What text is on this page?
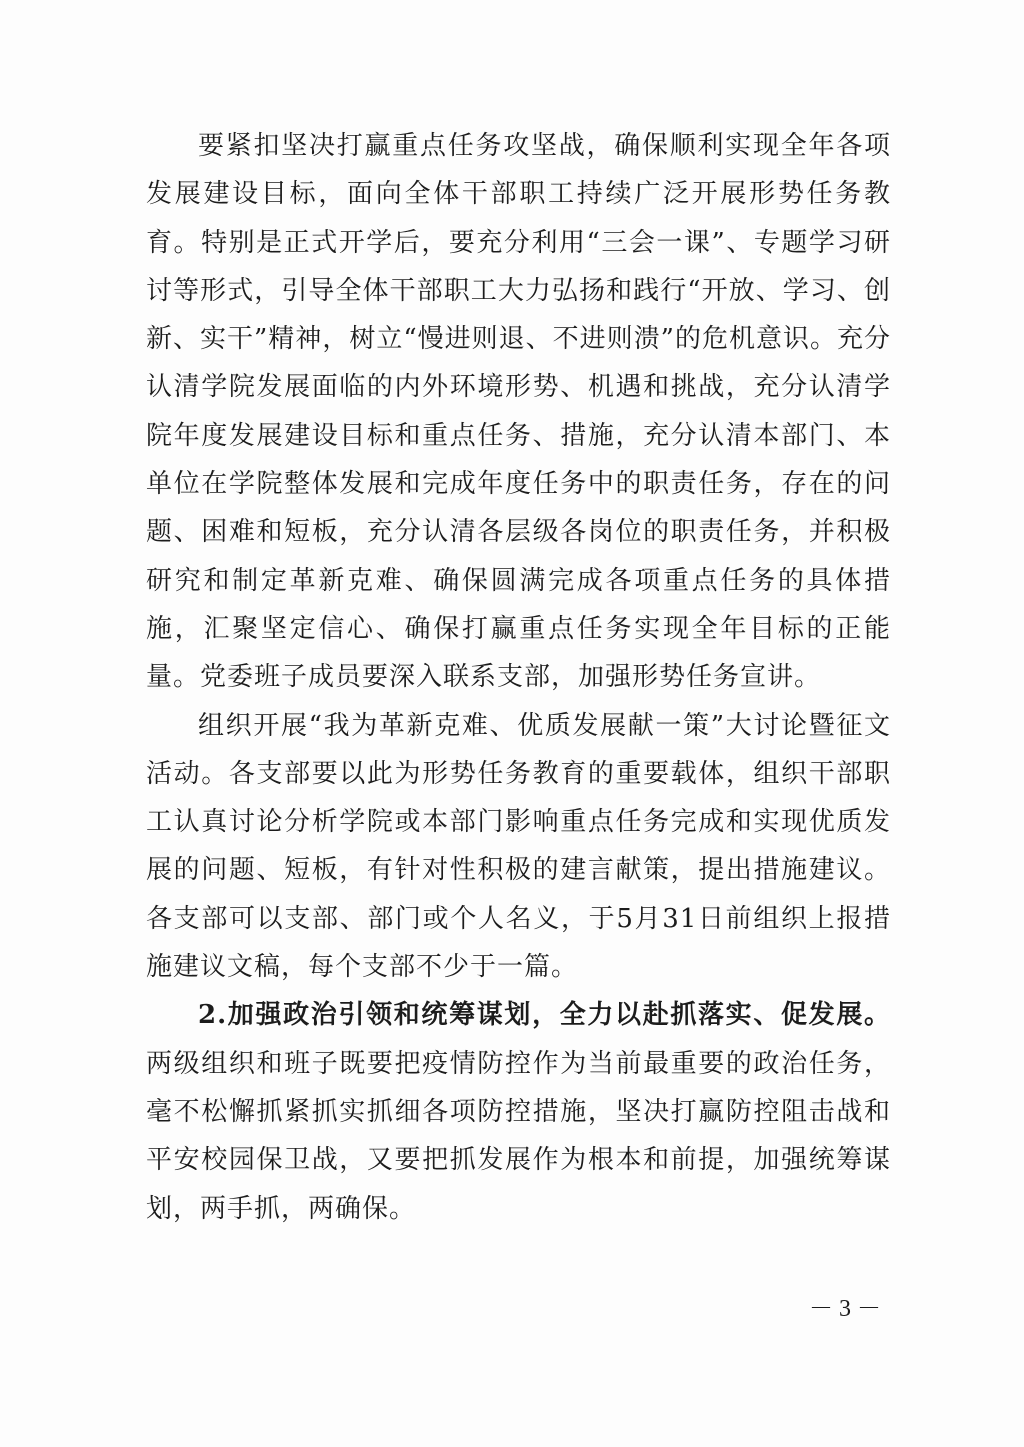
要紧扣坚决打赢重点任务攻坚战，确保顺利实现全年各项发展建设目标，面向全体干部职工持续广泛开展形势任务教育。特别是正式开学后，要充分利用“三会一课”、专题学习研讨等形式，引导全体干部职工大力弘扬和践行“开放、学习、创新、实干”精神，树立“慢进则退、不进则溃”的危机意识。充分认清学院发展面临的内外环境形势、机遇和挑战，充分认清学院年度发展建设目标和重点任务、措施，充分认清本部门、本单位在学院整体发展和完成年度任务中的职责任务，存在的问题、困难和短板，充分认清各层级各岗位的职责任务，并积极研究和制定革新克难、确保圆满完成各项重点任务的具体措施，汇聚坚定信心、确保打赢重点任务实现全年目标的正能量。党委班子成员要深入联系支部，加强形势任务宣讲。

组织开展“我为革新克难、优质发展献一策”大讨论暨征文活动。各支部要以此为形势任务教育的重要载体，组织干部职工认真讨论分析学院或本部门影响重点任务完成和实现优质发展的问题、短板，有针对性积极的建言献策，提出措施建议。各支部可以支部、部门或个人名义，于5月31日前组织上报措施建议文稿，每个支部不少于一篇。

2.加强政治引领和统筹谋划，全力以赴抓落实、促发展。两级组织和班子既要把疫情防控作为当前最重要的政治任务，毫不松懈抓紧抓实抓细各项防控措施，坚决打赢防控阻击战和平安校园保卫战，又要把抓发展作为根本和前提，加强统筹谋划，两手抓，两确保。

－ 3 －
